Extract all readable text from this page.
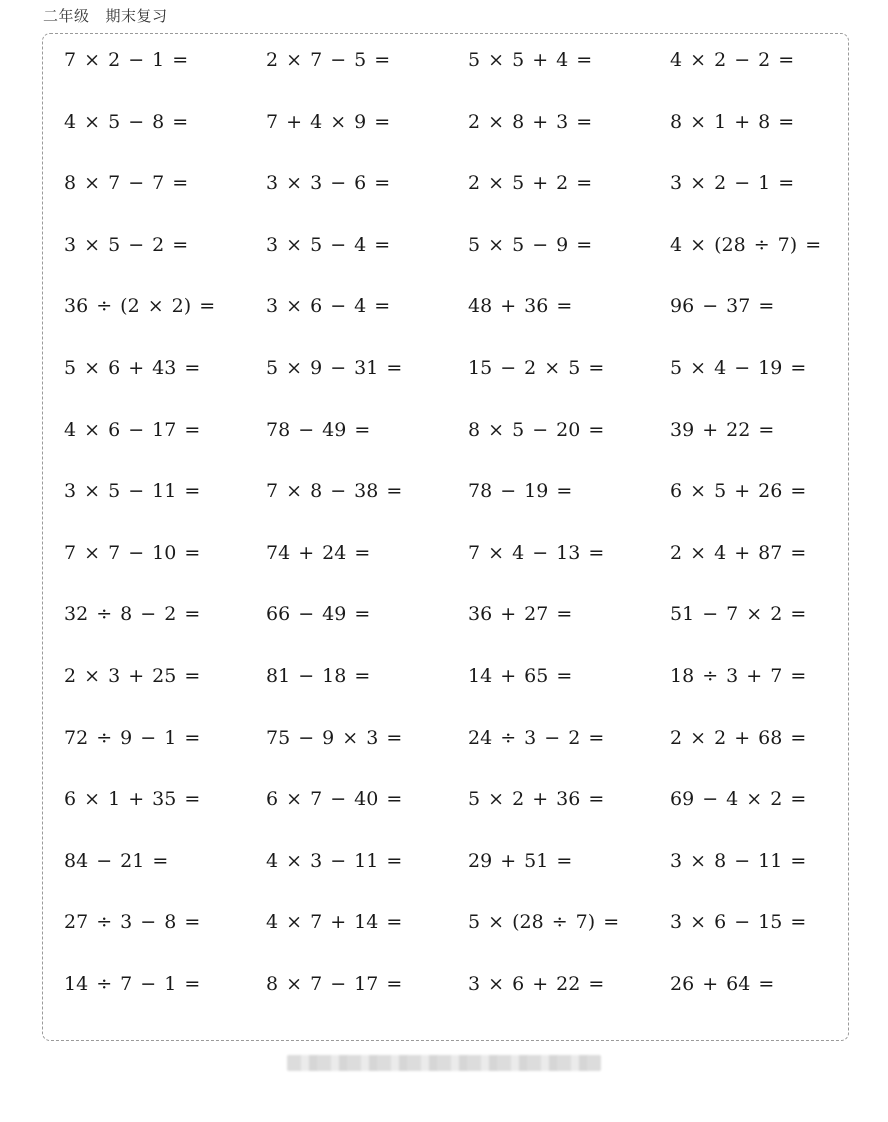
二年级 期末复习
7 × 2 − 1 =	2 × 7 − 5 =	5 × 5 + 4 =	4 × 2 − 2 =
4 × 5 − 8 =	7 + 4 × 9 =	2 × 8 + 3 =	8 × 1 + 8 =
8 × 7 − 7 =	3 × 3 − 6 =	2 × 5 + 2 =	3 × 2 − 1 =
3 × 5 − 2 =	3 × 5 − 4 =	5 × 5 − 9 =	4 × (28 ÷ 7) =
36 ÷ (2 × 2) =	3 × 6 − 4 =	48 + 36 =	96 − 37 =
5 × 6 + 43 =	5 × 9 − 31 =	15 − 2 × 5 =	5 × 4 − 19 =
4 × 6 − 17 =	78 − 49 =	8 × 5 − 20 =	39 + 22 =
3 × 5 − 11 =	7 × 8 − 38 =	78 − 19 =	6 × 5 + 26 =
7 × 7 − 10 =	74 + 24 =	7 × 4 − 13 =	2 × 4 + 87 =
32 ÷ 8 − 2 =	66 − 49 =	36 + 27 =	51 − 7 × 2 =
2 × 3 + 25 =	81 − 18 =	14 + 65 =	18 ÷ 3 + 7 =
72 ÷ 9 − 1 =	75 − 9 × 3 =	24 ÷ 3 − 2 =	2 × 2 + 68 =
6 × 1 + 35 =	6 × 7 − 40 =	5 × 2 + 36 =	69 − 4 × 2 =
84 − 21 =	4 × 3 − 11 =	29 + 51 =	3 × 8 − 11 =
27 ÷ 3 − 8 =	4 × 7 + 14 =	5 × (28 ÷ 7) =	3 × 6 − 15 =
14 ÷ 7 − 1 =	8 × 7 − 17 =	3 × 6 + 22 =	26 + 64 =
